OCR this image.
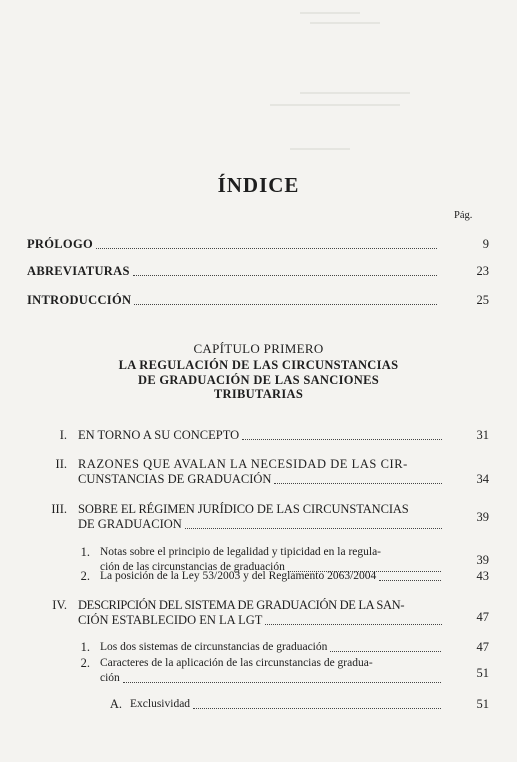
ÍNDICE
Pág.
PRÓLOGO	9
ABREVIATURAS	23
INTRODUCCIÓN	25
CAPÍTULO PRIMERO
LA REGULACIÓN DE LAS CIRCUNSTANCIAS
DE GRADUACIÓN DE LAS SANCIONES
TRIBUTARIAS
I. EN TORNO A SU CONCEPTO	31
II. RAZONES QUE AVALAN LA NECESIDAD DE LAS CIR-
CUNSTANCIAS DE GRADUACIÓN	34
III. SOBRE EL RÉGIMEN JURÍDICO DE LAS CIRCUNSTANCIAS
DE GRADUACION	39
1. Notas sobre el principio de legalidad y tipicidad en la regula-
ción de las circunstancias de graduación	39
2. La posición de la Ley 53/2003 y del Reglamento 2063/2004	43
IV. DESCRIPCIÓN DEL SISTEMA DE GRADUACIÓN DE LA SAN-
CIÓN ESTABLECIDO EN LA LGT	47
1. Los dos sistemas de circunstancias de graduación	47
2. Caracteres de la aplicación de las circunstancias de gradua-
ción	51
A. Exclusividad	51
